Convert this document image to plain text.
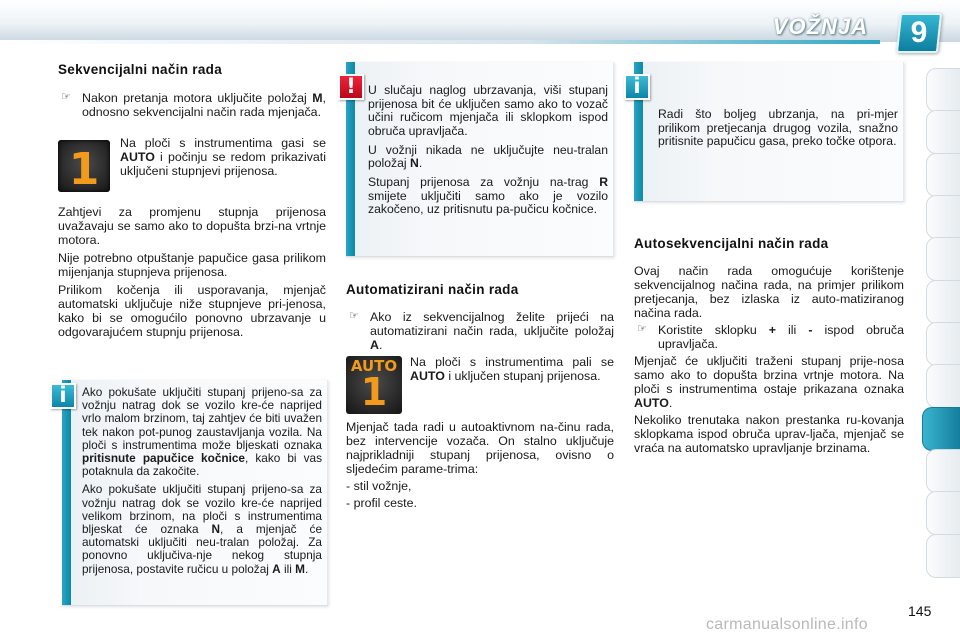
VOŽNJA	9
Sekvencijalni način rada
☞ Nakon pretanja motora uključite položaj M, odnosno sekvencijalni način rada mjenjača.
1
Na ploči s instrumentima gasi se AUTO i počinju se redom prikazivati uključeni stupnjevi prijenosa.

Zahtjevi za promjenu stupnja prijenosa uvažavaju se samo ako to dopušta brzi-na vrtnje motora.

Nije potrebno otpuštanje papučice gasa prilikom mijenjanja stupnjeva prijenosa.

Prilikom kočenja ili usporavanja, mjenjač automatski uključuje niže stupnjeve pri-jenosa, kako bi se omogućilo ponovno ubrzavanje u odgovarajućem stupnju prijenosa.

Ako pokušate uključiti stupanj prijeno-sa za vožnju natrag dok se vozilo kre-će naprijed vrlo malom brzinom, taj zahtjev će biti uvažen tek nakon pot-punog zaustavljanja vozila. Na ploči s instrumentima može bljeskati oznaka pritisnute papučice kočnice, kako bi vas potaknula da zakočite.

Ako pokušate uključiti stupanj prijeno-sa za vožnju natrag dok se vozilo kre-će naprijed velikom brzinom, na ploči s instrumentima bljeskat će oznaka N, a mjenjač će automatski uključiti neu-tralan položaj. Za ponovno uključiva-nje nekog stupnja prijenosa, postavite ručicu u položaj A ili M.

i

U slučaju naglog ubrzavanja, viši stupanj prijenosa bit će uključen samo ako to vozač učini ručicom mjenjača ili sklopkom ispod obruča upravljača.

U vožnji nikada ne uključujte neu-tralan položaj N.

Stupanj prijenosa za vožnju na-trag R smijete uključiti samo ako je vozilo zakočeno, uz pritisnutu pa-pučicu kočnice.

!
Automatizirani način rada
☞ Ako iz sekvencijalnog želite prijeći na automatizirani način rada, uključite položaj A.
AUTO
1
Na ploči s instrumentima pali se AUTO i uključen stupanj prijenosa.

Mjenjač tada radi u autoaktivnom na-činu rada, bez intervencije vozača. On stalno uključuje najprikladniji stupanj prijenosa, ovisno o sljedećim parame-trima:

- stil vožnje,

- profil ceste.

Radi što boljeg ubrzanja, na pri-mjer prilikom pretjecanja drugog vozila, snažno pritisnite papučicu gasa, preko točke otpora.
i
Autosekvencijalni način rada

Ovaj način rada omogućuje korištenje sekvencijalnog načina rada, na primjer prilikom pretjecanja, bez izlaska iz auto-matiziranog načina rada.

☞ Koristite sklopku + ili - ispod obruča upravljača.

Mjenjač će uključiti traženi stupanj prije-nosa samo ako to dopušta brzina vrtnje motora. Na ploči s instrumentima ostaje prikazana oznaka AUTO.

Nekoliko trenutaka nakon prestanka ru-kovanja sklopkama ispod obruča uprav-ljača, mjenjač se vraća na automatsko upravljanje brzinama.

145
carmanualsonline.info
